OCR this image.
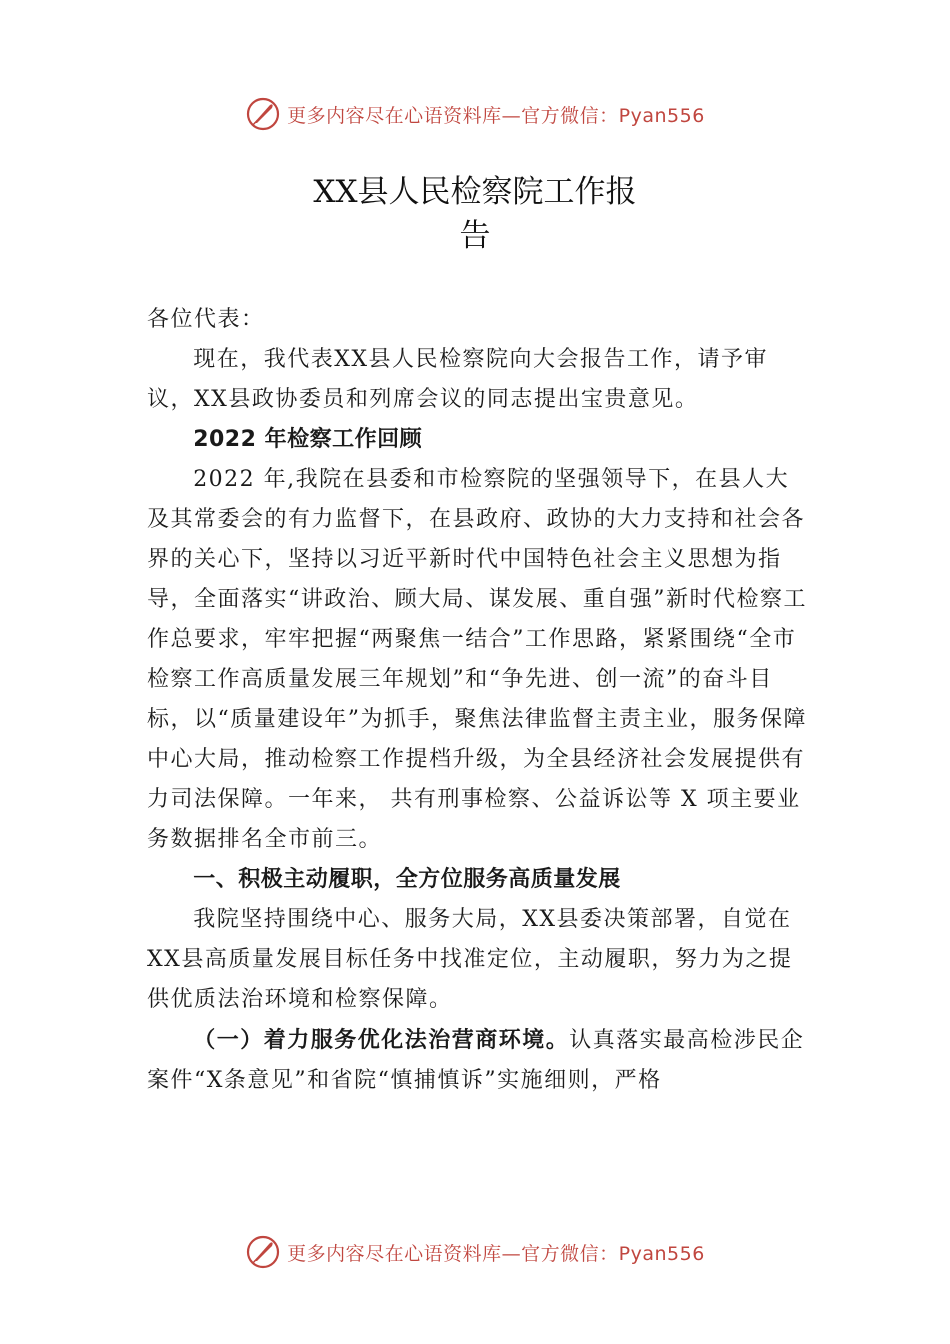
更多内容尽在心语资料库—官方微信：Pyan556
XX县人民检察院工作报
告

各位代表：

现在，我代表XX县人民检察院向大会报告工作，请予审议，XX县政协委员和列席会议的同志提出宝贵意见。

2022 年检察工作回顾

2022 年,我院在县委和市检察院的坚强领导下，在县人大及其常委会的有力监督下，在县政府、政协的大力支持和社会各界的关心下，坚持以习近平新时代中国特色社会主义思想为指导，全面落实“讲政治、顾大局、谋发展、重自强”新时代检察工作总要求，牢牢把握“两聚焦一结合”工作思路，紧紧围绕“全市检察工作高质量发展三年规划”和“争先进、创一流”的奋斗目标，以“质量建设年”为抓手，聚焦法律监督主责主业，服务保障中心大局，推动检察工作提档升级，为全县经济社会发展提供有力司法保障。一年来， 共有刑事检察、公益诉讼等 X 项主要业务数据排名全市前三。

一、积极主动履职，全方位服务高质量发展

我院坚持围绕中心、服务大局，XX县委决策部署，自觉在XX县高质量发展目标任务中找准定位，主动履职，努力为之提供优质法治环境和检察保障。

（一）着力服务优化法治营商环境。认真落实最高检涉民企案件“X条意见”和省院“慎捕慎诉”实施细则，严格

更多内容尽在心语资料库—官方微信：Pyan556
